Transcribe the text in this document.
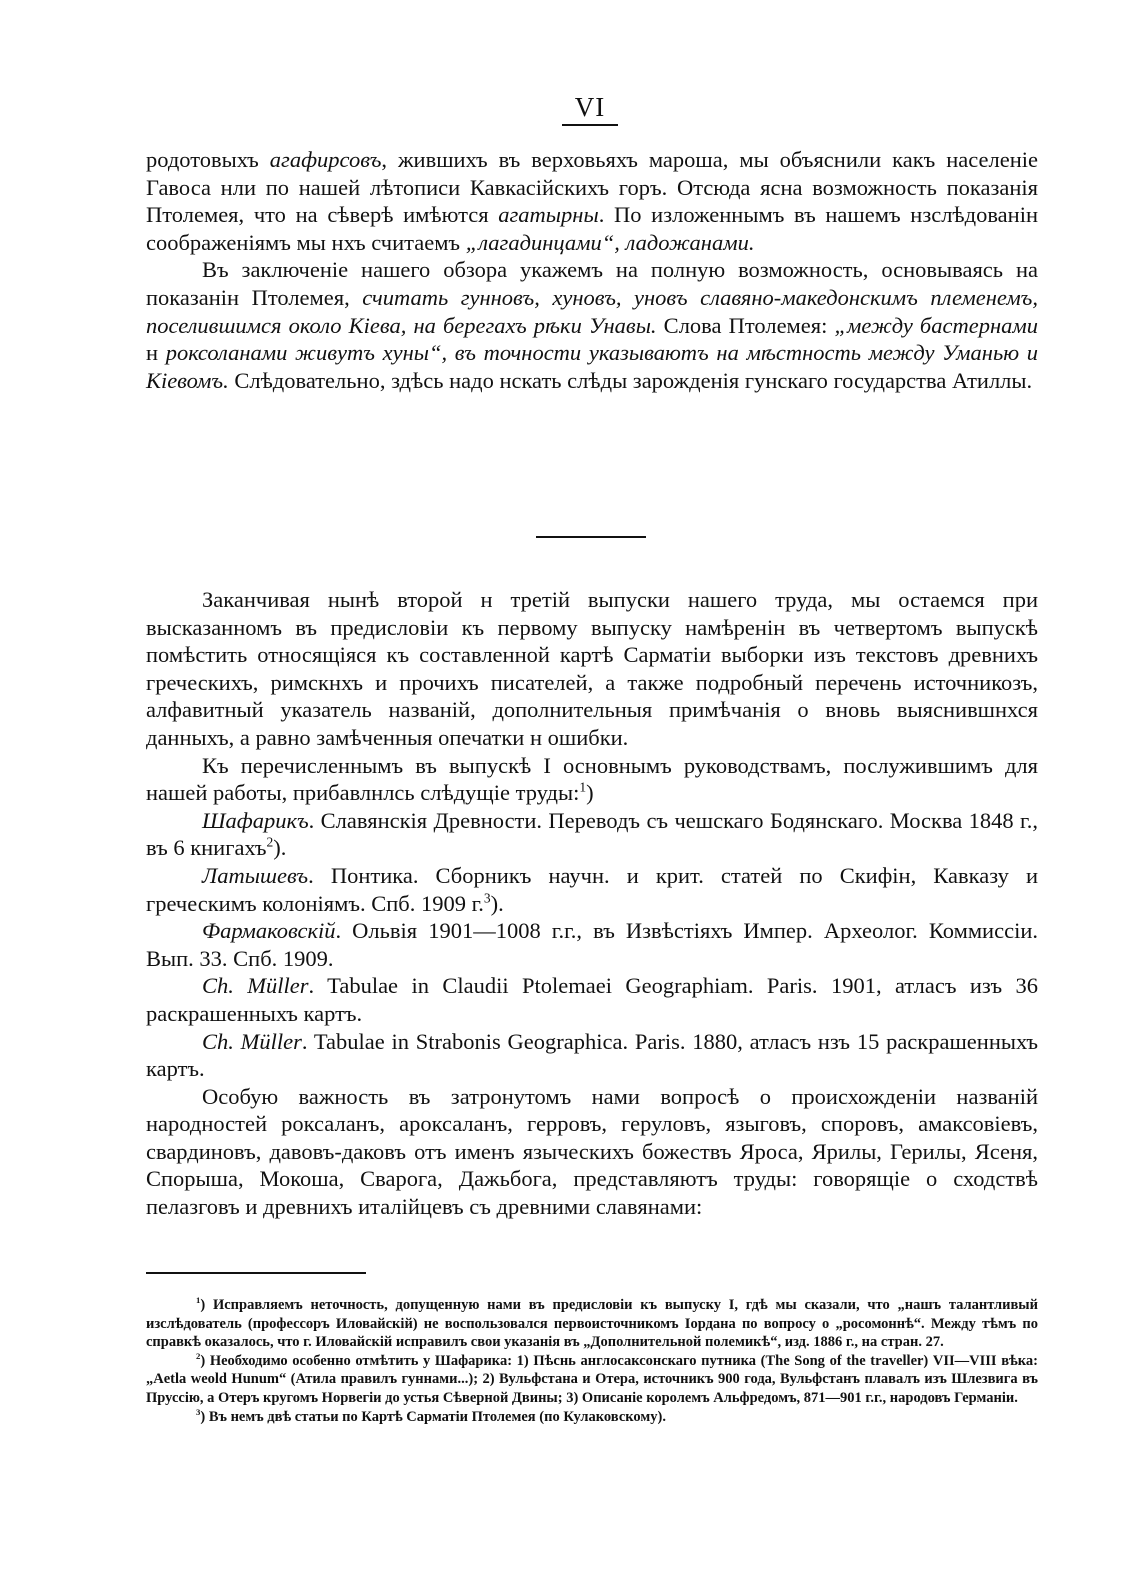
VI

родотовыхъ агафирсовъ, жившихъ въ верховьяхъ мароша, мы объяснили какъ населеніе Гавоса нли по нашей лѣтописи Кавкасійскихъ горъ. Отсюда ясна возможность показанія Птолемея, что на сѣверѣ имѣются агатырны. По изложеннымъ въ нашемъ нзслѣдованін соображеніямъ мы нхъ считаемъ „лагадинцами“, ладожанами.

Въ заключеніе нашего обзора укажемъ на полную возможность, основываясь на показанін Птолемея, считать гунновъ, хуновъ, уновъ славяно-македонскимъ племенемъ, поселившимся около Кіева, на берегахъ рѣки Унавы. Слова Птолемея: „между бастернами н роксоланами живутъ хуны“, въ точности указываютъ на мѣстность между Уманью и Кіевомъ. Слѣдовательно, здѣсь надо нскать слѣды зарожденія гунскаго государства Атиллы.

Заканчивая нынѣ второй н третій выпуски нашего труда, мы остаемся при высказанномъ въ предисловіи къ первому выпуску намѣренін въ четвертомъ выпускѣ помѣстить относящіяся къ составленной картѣ Сарматіи выборки изъ текстовъ древнихъ греческихъ, римскнхъ и прочихъ писателей, а также подробный перечень источникозъ, алфавитный указатель названій, дополнительныя примѣчанія о вновь выяснившнхся данныхъ, а равно замѣченныя опечатки н ошибки.

Къ перечисленнымъ въ выпускѣ I основнымъ руководствамъ, послужившимъ для нашей работы, прибавлнлсь слѣдущіе труды:$^1$)

Шафарикъ. Славянскія Древности. Переводъ съ чешскаго Бодянскаго. Москва 1848 г., въ 6 книгахъ$^2$).

Латышевъ. Понтика. Сборникъ научн. и крит. статей по Скифін, Кавказу и греческимъ колоніямъ. Спб. 1909 г.$^3$).

Фармаковскій. Ольвія 1901—1008 г.г., въ Извѣстіяхъ Импер. Археолог. Коммиссіи. Вып. 33. Спб. 1909.

Ch. Müller. Tabulae in Claudii Ptolemaei Geographiam. Paris. 1901, атласъ изъ 36 раскрашенныхъ картъ.

Ch. Müller. Tabulae in Strabonis Geographica. Paris. 1880, атласъ нзъ 15 раскрашенныхъ картъ.

Особую важность въ затронутомъ нами вопросѣ о происхожденіи названій народностей роксаланъ, ароксаланъ, герровъ, геруловъ, языговъ, споровъ, амаксовіевъ, свардиновъ, давовъ-даковъ отъ именъ языческихъ божествъ Яроса, Ярилы, Герилы, Ясеня, Спорыша, Мокоша, Сварога, Дажьбога, представляютъ труды: говорящіе о сходствѣ пелазговъ и древнихъ италійцевъ съ древними славянами:

$^1$) Исправляемъ неточность, допущенную нами въ предисловіи къ выпуску I, гдѣ мы сказали, что „нашъ талантливый изслѣдователь (профессоръ Иловайскій) не воспользовался первоисточникомъ Іордана по вопросу о „росомоннѣ“. Между тѣмъ по справкѣ оказалось, что г. Иловайскій исправилъ свои указанія въ „Дополнительной полемикѣ“, изд. 1886 г., на стран. 27.

$^2$) Необходимо особенно отмѣтить у Шафарика: 1) Пѣснь англосаксонскаго путника (The Song of the traveller) VII—VIII вѣка: „Aetla weold Hunum“ (Атила правилъ гуннами...); 2) Вульфстана и Отера, источникъ 900 года, Вульфстанъ плавалъ изъ Шлезвига въ Пруссію, а Отеръ кругомъ Норвегіи до устья Сѣверной Двины; 3) Описаніе королемъ Альфредомъ, 871—901 г.г., народовъ Германіи.

$^3$) Въ немъ двѣ статьи по Картѣ Сарматіи Птолемея (по Кулаковскому).
